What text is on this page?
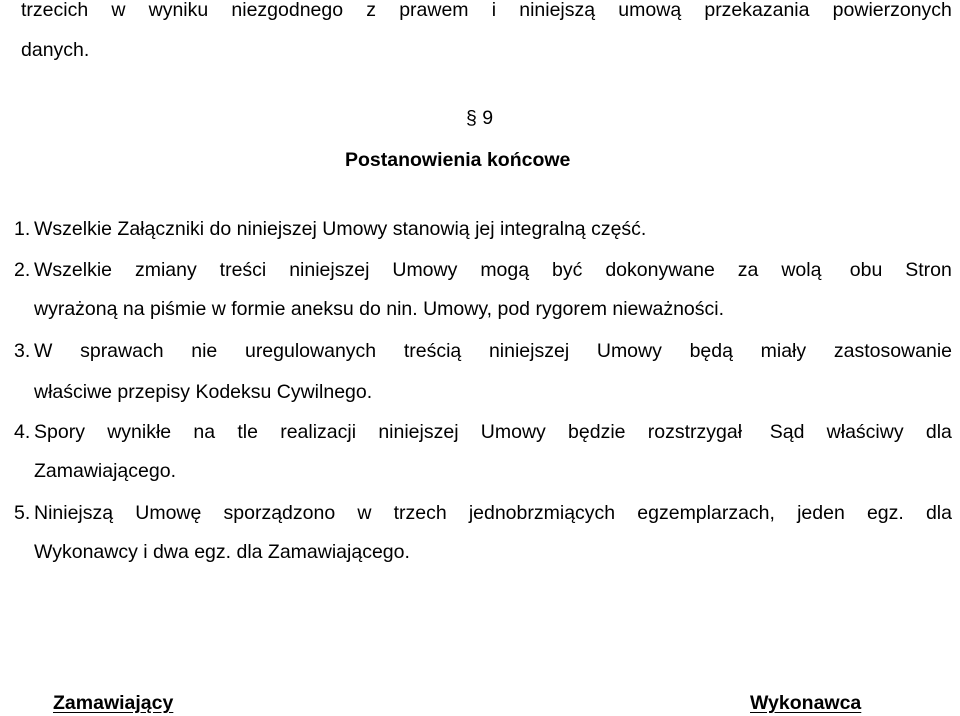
trzecich w wyniku niezgodnego z prawem i niniejszą umową przekazania powierzonych
danych.
§ 9
Postanowienia końcowe
1. Wszelkie Załączniki do niniejszej Umowy stanowią jej integralną część.
2. Wszelkie zmiany treści niniejszej Umowy mogą być dokonywane za wolą obu Stron
wyrażoną na piśmie w formie aneksu do nin. Umowy, pod rygorem nieważności.
3. W sprawach nie uregulowanych treścią niniejszej Umowy będą miały zastosowanie
właściwe przepisy Kodeksu Cywilnego.
4. Spory wynikłe na tle realizacji niniejszej Umowy będzie rozstrzygał Sąd właściwy dla
Zamawiającego.
5. Niniejszą Umowę sporządzono w trzech jednobrzmiących egzemplarzach, jeden egz. dla
Wykonawcy i dwa egz. dla Zamawiającego.
Zamawiający	Wykonawca
